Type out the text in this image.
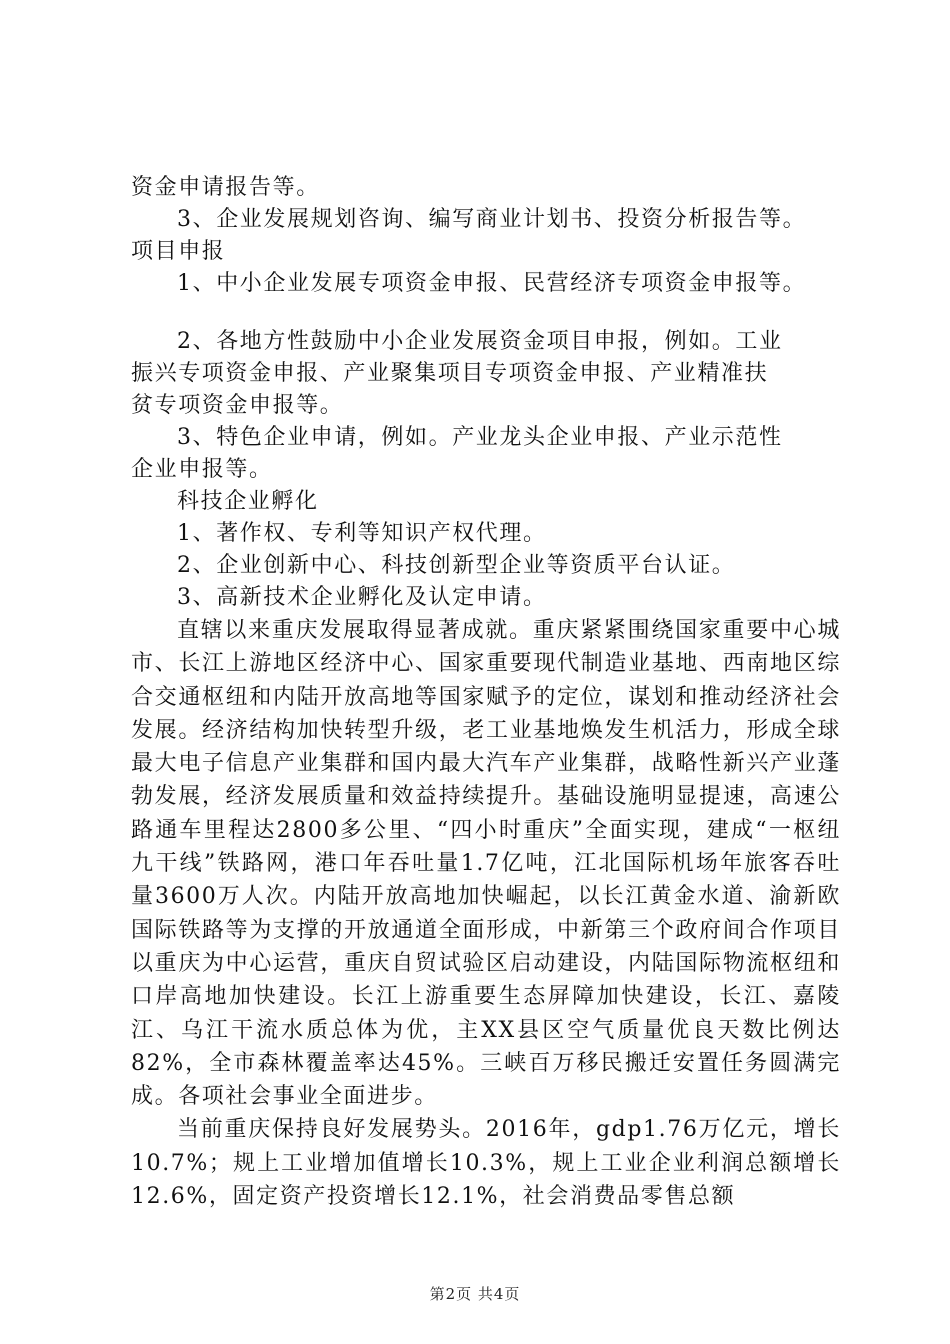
资金申请报告等。
3、企业发展规划咨询、编写商业计划书、投资分析报告等。
项目申报
1、中小企业发展专项资金申报、民营经济专项资金申报等。
2、各地方性鼓励中小企业发展资金项目申报，例如。工业
振兴专项资金申报、产业聚集项目专项资金申报、产业精准扶
贫专项资金申报等。
3、特色企业申请，例如。产业龙头企业申报、产业示范性
企业申报等。
科技企业孵化
1、著作权、专利等知识产权代理。
2、企业创新中心、科技创新型企业等资质平台认证。
3、高新技术企业孵化及认定申请。

直辖以来重庆发展取得显著成就。重庆紧紧围绕国家重要中心城市、长江上游地区经济中心、国家重要现代制造业基地、西南地区综合交通枢纽和内陆开放高地等国家赋予的定位，谋划和推动经济社会发展。经济结构加快转型升级，老工业基地焕发生机活力，形成全球最大电子信息产业集群和国内最大汽车产业集群，战略性新兴产业蓬勃发展，经济发展质量和效益持续提升。基础设施明显提速，高速公路通车里程达2800多公里、“四小时重庆”全面实现，建成“一枢纽九干线”铁路网，港口年吞吐量1.7亿吨，江北国际机场年旅客吞吐量3600万人次。内陆开放高地加快崛起，以长江黄金水道、渝新欧国际铁路等为支撑的开放通道全面形成，中新第三个政府间合作项目以重庆为中心运营，重庆自贸试验区启动建设，内陆国际物流枢纽和口岸高地加快建设。长江上游重要生态屏障加快建设，长江、嘉陵江、乌江干流水质总体为优，主XX县区空气质量优良天数比例达82%，全市森林覆盖率达45%。三峡百万移民搬迁安置任务圆满完成。各项社会事业全面进步。

当前重庆保持良好发展势头。2016年，gdp1.76万亿元，增长10.7%；规上工业增加值增长10.3%，规上工业企业利润总额增长12.6%，固定资产投资增长12.1%，社会消费品零售总额

第2页 共4页
